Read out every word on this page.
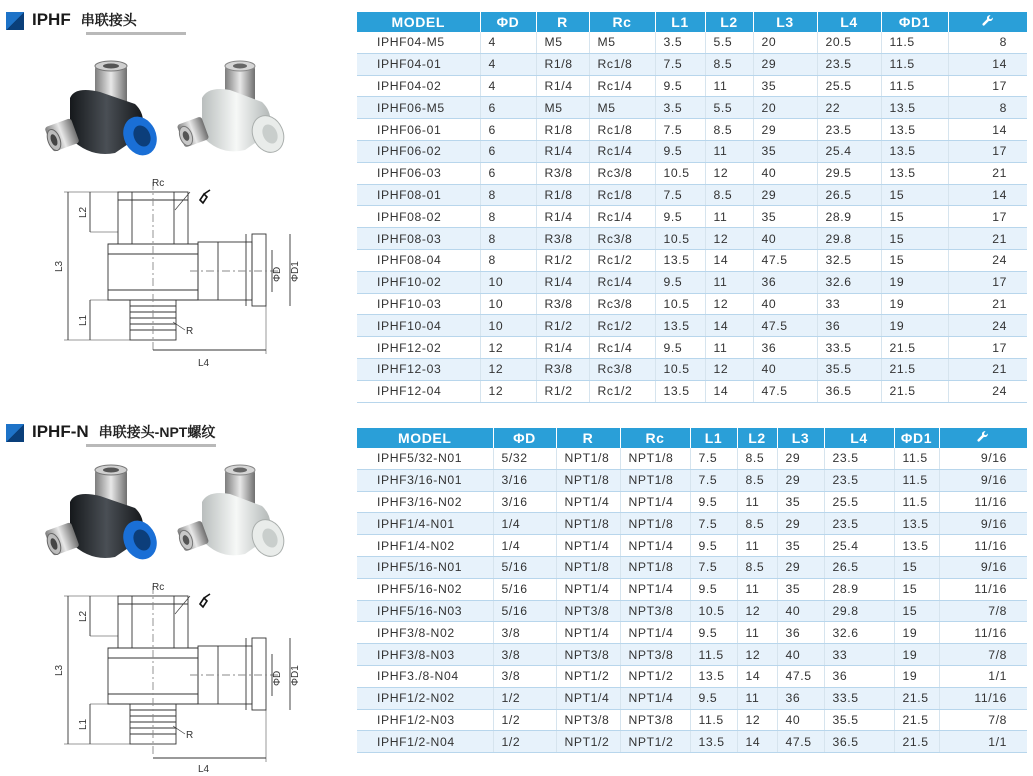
IPHF 串联接头
Rc
R
L4
L3
L2
L1
ΦD ΦD1
MODEL	ΦD	R	Rc	L1	L2	L3	L4	ΦD1	
IPHF04-M5	4	M5	M5	3.5	5.5	20	20.5	11.5	8
IPHF04-01	4	R1/8	Rc1/8	7.5	8.5	29	23.5	11.5	14
IPHF04-02	4	R1/4	Rc1/4	9.5	11	35	25.5	11.5	17
IPHF06-M5	6	M5	M5	3.5	5.5	20	22	13.5	8
IPHF06-01	6	R1/8	Rc1/8	7.5	8.5	29	23.5	13.5	14
IPHF06-02	6	R1/4	Rc1/4	9.5	11	35	25.4	13.5	17
IPHF06-03	6	R3/8	Rc3/8	10.5	12	40	29.5	13.5	21
IPHF08-01	8	R1/8	Rc1/8	7.5	8.5	29	26.5	15	14
IPHF08-02	8	R1/4	Rc1/4	9.5	11	35	28.9	15	17
IPHF08-03	8	R3/8	Rc3/8	10.5	12	40	29.8	15	21
IPHF08-04	8	R1/2	Rc1/2	13.5	14	47.5	32.5	15	24
IPHF10-02	10	R1/4	Rc1/4	9.5	11	36	32.6	19	17
IPHF10-03	10	R3/8	Rc3/8	10.5	12	40	33	19	21
IPHF10-04	10	R1/2	Rc1/2	13.5	14	47.5	36	19	24
IPHF12-02	12	R1/4	Rc1/4	9.5	11	36	33.5	21.5	17
IPHF12-03	12	R3/8	Rc3/8	10.5	12	40	35.5	21.5	21
IPHF12-04	12	R1/2	Rc1/2	13.5	14	47.5	36.5	21.5	24
IPHF-N 串联接头-NPT螺纹
Rc
R
L4
L3
L2
L1
ΦD ΦD1
MODEL	ΦD	R	Rc	L1	L2	L3	L4	ΦD1	
IPHF5/32-N01	5/32	NPT1/8	NPT1/8	7.5	8.5	29	23.5	11.5	9/16
IPHF3/16-N01	3/16	NPT1/8	NPT1/8	7.5	8.5	29	23.5	11.5	9/16
IPHF3/16-N02	3/16	NPT1/4	NPT1/4	9.5	11	35	25.5	11.5	11/16
IPHF1/4-N01	1/4	NPT1/8	NPT1/8	7.5	8.5	29	23.5	13.5	9/16
IPHF1/4-N02	1/4	NPT1/4	NPT1/4	9.5	11	35	25.4	13.5	11/16
IPHF5/16-N01	5/16	NPT1/8	NPT1/8	7.5	8.5	29	26.5	15	9/16
IPHF5/16-N02	5/16	NPT1/4	NPT1/4	9.5	11	35	28.9	15	11/16
IPHF5/16-N03	5/16	NPT3/8	NPT3/8	10.5	12	40	29.8	15	7/8
IPHF3/8-N02	3/8	NPT1/4	NPT1/4	9.5	11	36	32.6	19	11/16
IPHF3/8-N03	3/8	NPT3/8	NPT3/8	11.5	12	40	33	19	7/8
IPHF3./8-N04	3/8	NPT1/2	NPT1/2	13.5	14	47.5	36	19	1/1
IPHF1/2-N02	1/2	NPT1/4	NPT1/4	9.5	11	36	33.5	21.5	11/16
IPHF1/2-N03	1/2	NPT3/8	NPT3/8	11.5	12	40	35.5	21.5	7/8
IPHF1/2-N04	1/2	NPT1/2	NPT1/2	13.5	14	47.5	36.5	21.5	1/1
